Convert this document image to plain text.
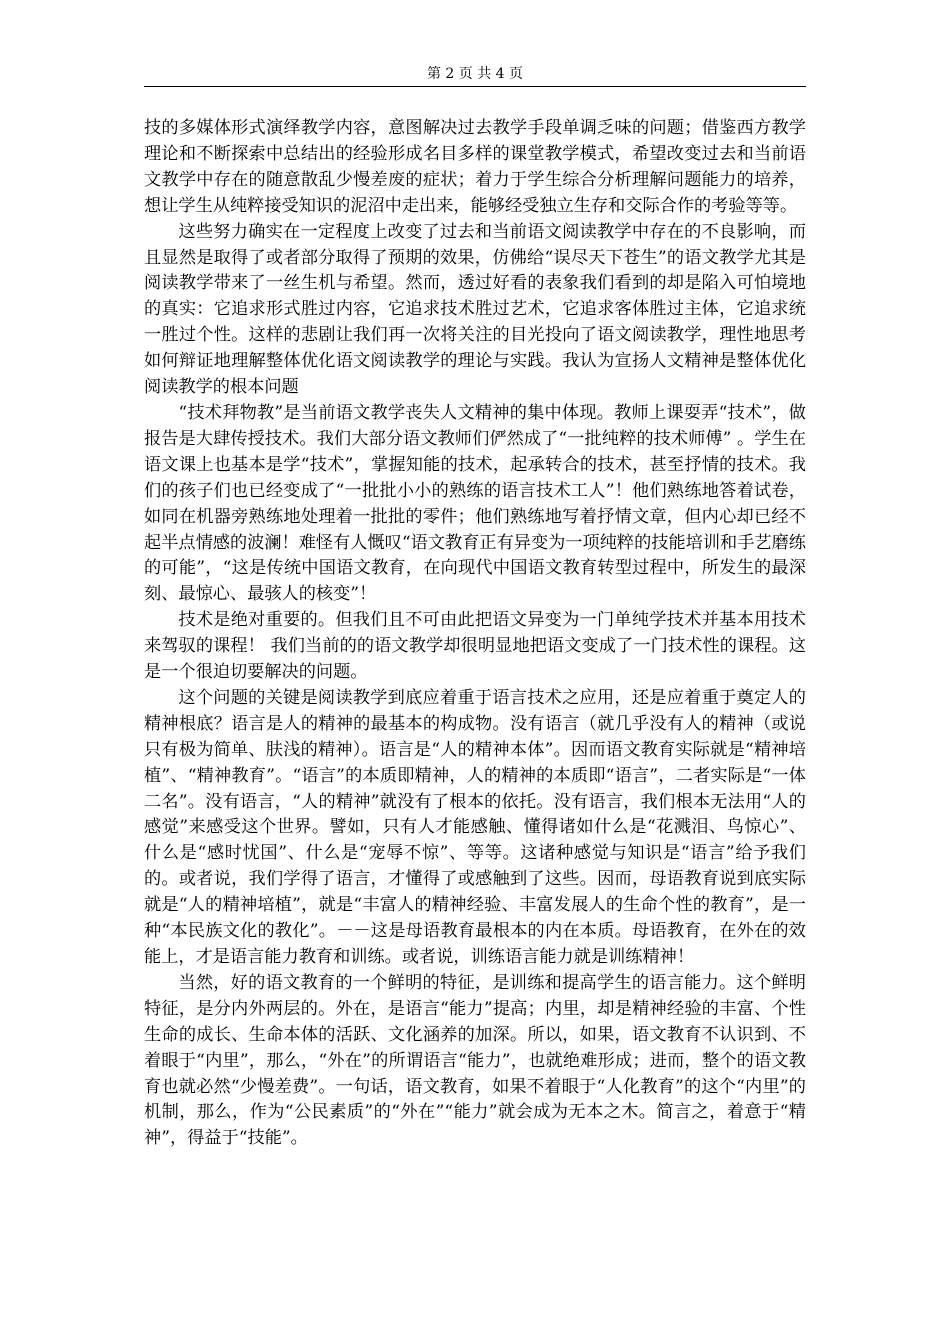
第 2 页 共 4 页

技的多媒体形式演绎教学内容，意图解决过去教学手段单调乏味的问题；借鉴西方教学理论和不断探索中总结出的经验形成名目多样的课堂教学模式，希望改变过去和当前语文教学中存在的随意散乱少慢差废的症状；着力于学生综合分析理解问题能力的培养，想让学生从纯粹接受知识的泥沼中走出来，能够经受独立生存和交际合作的考验等等。

这些努力确实在一定程度上改变了过去和当前语文阅读教学中存在的不良影响，而且显然是取得了或者部分取得了预期的效果，仿佛给“误尽天下苍生”的语文教学尤其是阅读教学带来了一丝生机与希望。然而，透过好看的表象我们看到的却是陷入可怕境地的真实：它追求形式胜过内容，它追求技术胜过艺术，它追求客体胜过主体，它追求统一胜过个性。这样的悲剧让我们再一次将关注的目光投向了语文阅读教学，理性地思考如何辩证地理解整体优化语文阅读教学的理论与实践。我认为宣扬人文精神是整体优化阅读教学的根本问题

“技术拜物教”是当前语文教学丧失人文精神的集中体现。教师上课耍弄“技术”，做报告是大肆传授技术。我们大部分语文教师们俨然成了“一批纯粹的技术师傅” 。学生在语文课上也基本是学“技术”，掌握知能的技术，起承转合的技术，甚至抒情的技术。我们的孩子们也已经变成了“一批批小小的熟练的语言技术工人”！他们熟练地答着试卷，如同在机器旁熟练地处理着一批批的零件；他们熟练地写着抒情文章，但内心却已经不起半点情感的波澜！难怪有人慨叹“语文教育正有异变为一项纯粹的技能培训和手艺磨练的可能”，“这是传统中国语文教育，在向现代中国语文教育转型过程中，所发生的最深刻、最惊心、最骇人的核变”！

技术是绝对重要的。但我们且不可由此把语文异变为一门单纯学技术并基本用技术来驾驭的课程！ 我们当前的的语文教学却很明显地把语文变成了一门技术性的课程。这是一个很迫切要解决的问题。

这个问题的关键是阅读教学到底应着重于语言技术之应用，还是应着重于奠定人的精神根底？语言是人的精神的最基本的构成物。没有语言（就几乎没有人的精神（或说只有极为简单、肤浅的精神）。语言是“人的精神本体”。因而语文教育实际就是“精神培植”、“精神教育”。“语言”的本质即精神，人的精神的本质即“语言”，二者实际是“一体二名”。没有语言，“人的精神”就没有了根本的依托。没有语言，我们根本无法用“人的感觉”来感受这个世界。譬如，只有人才能感触、懂得诸如什么是“花溅泪、鸟惊心”、什么是“感时忧国”、什么是“宠辱不惊”、等等。这诸种感觉与知识是“语言”给予我们的。或者说，我们学得了语言，才懂得了或感触到了这些。因而，母语教育说到底实际就是“人的精神培植”，就是“丰富人的精神经验、丰富发展人的生命个性的教育”，是一种“本民族文化的教化”。－－这是母语教育最根本的内在本质。母语教育，在外在的效能上，才是语言能力教育和训练。或者说，训练语言能力就是训练精神！

当然，好的语文教育的一个鲜明的特征，是训练和提高学生的语言能力。这个鲜明特征，是分内外两层的。外在，是语言“能力”提高；内里，却是精神经验的丰富、个性生命的成长、生命本体的活跃、文化涵养的加深。所以，如果，语文教育不认识到、不着眼于“内里”，那么，“外在”的所谓语言“能力”，也就绝难形成；进而，整个的语文教育也就必然“少慢差费”。一句话，语文教育，如果不着眼于“人化教育”的这个“内里”的机制，那么，作为“公民素质”的“外在”“能力”就会成为无本之木。简言之，着意于“精神”，得益于“技能”。
